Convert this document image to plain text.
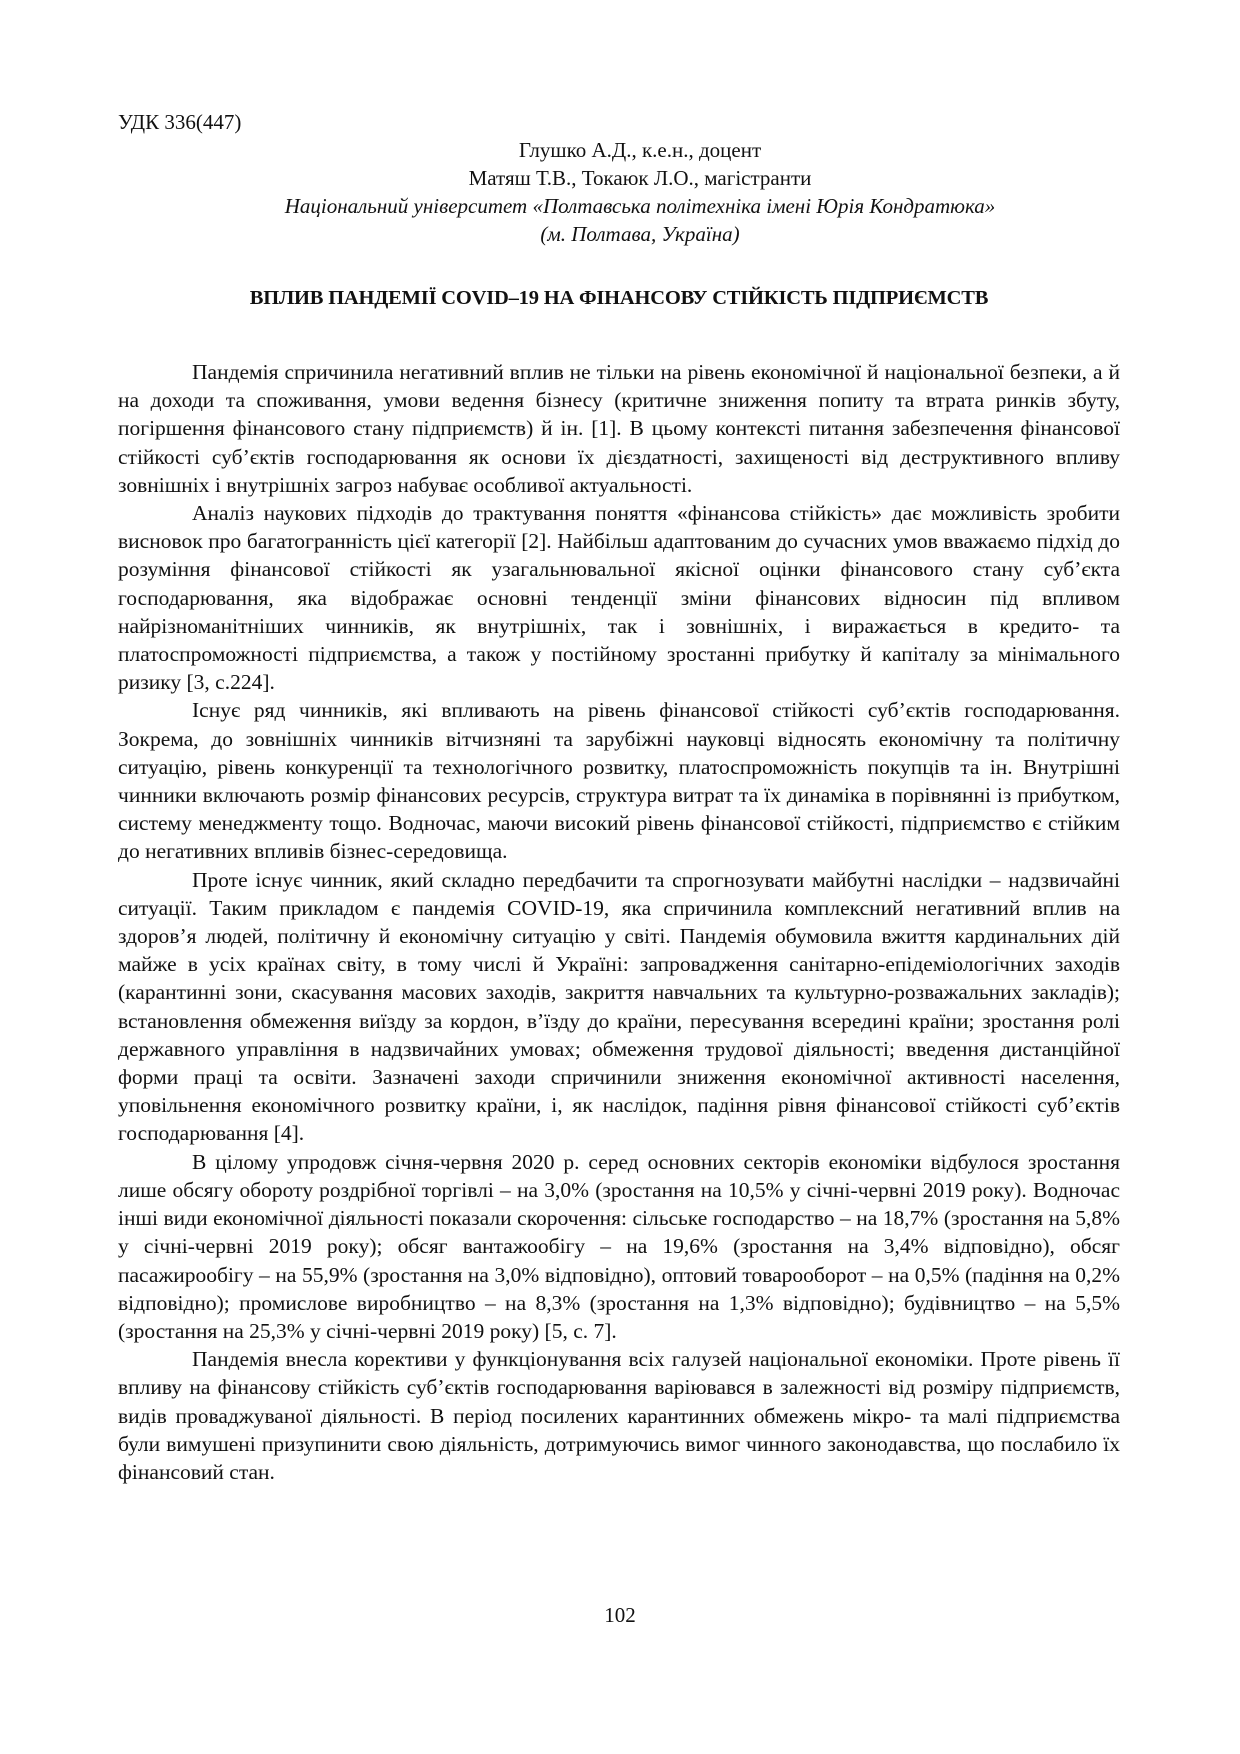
УДК 336(447)
Глушко А.Д., к.е.н., доцент
Матяш Т.В., Токаюк Л.О., магістранти
Національний університет «Полтавська політехніка імені Юрія Кондратюка»
(м. Полтава, Україна)
ВПЛИВ ПАНДЕМІЇ COVID–19 НА ФІНАНСОВУ СТІЙКІСТЬ ПІДПРИЄМСТВ

Пандемія спричинила негативний вплив не тільки на рівень економічної й національної безпеки, а й на доходи та споживання, умови ведення бізнесу (критичне зниження попиту та втрата ринків збуту, погіршення фінансового стану підприємств) й ін. [1]. В цьому контексті питання забезпечення фінансової стійкості суб’єктів господарювання як основи їх дієздатності, захищеності від деструктивного впливу зовнішніх і внутрішніх загроз набуває особливої актуальності.

Аналіз наукових підходів до трактування поняття «фінансова стійкість» дає можливість зробити висновок про багатогранність цієї категорії [2]. Найбільш адаптованим до сучасних умов вважаємо підхід до розуміння фінансової стійкості як узагальнювальної якісної оцінки фінансового стану суб’єкта господарювання, яка відображає основні тенденції зміни фінансових відносин під впливом найрізноманітніших чинників, як внутрішніх, так і зовнішніх, і виражається в кредито- та платоспроможності підприємства, а також у постійному зростанні прибутку й капіталу за мінімального ризику [3, с.224].

Існує ряд чинників, які впливають на рівень фінансової стійкості суб’єктів господарювання. Зокрема, до зовнішніх чинників вітчизняні та зарубіжні науковці відносять економічну та політичну ситуацію, рівень конкуренції та технологічного розвитку, платоспроможність покупців та ін. Внутрішні чинники включають розмір фінансових ресурсів, структура витрат та їх динаміка в порівнянні із прибутком, систему менеджменту тощо. Водночас, маючи високий рівень фінансової стійкості, підприємство є стійким до негативних впливів бізнес-середовища.

Проте існує чинник, який складно передбачити та спрогнозувати майбутні наслідки – надзвичайні ситуації. Таким прикладом є пандемія COVID-19, яка спричинила комплексний негативний вплив на здоров’я людей, політичну й економічну ситуацію у світі. Пандемія обумовила вжиття кардинальних дій майже в усіх країнах світу, в тому числі й Україні: запровадження санітарно-епідеміологічних заходів (карантинні зони, скасування масових заходів, закриття навчальних та культурно-розважальних закладів); встановлення обмеження виїзду за кордон, в’їзду до країни, пересування всередині країни; зростання ролі державного управління в надзвичайних умовах; обмеження трудової діяльності; введення дистанційної форми праці та освіти. Зазначені заходи спричинили зниження економічної активності населення, уповільнення економічного розвитку країни, і, як наслідок, падіння рівня фінансової стійкості суб’єктів господарювання [4].

В цілому упродовж січня-червня 2020 р. серед основних секторів економіки відбулося зростання лише обсягу обороту роздрібної торгівлі – на 3,0% (зростання на 10,5% у січні-червні 2019 року). Водночас інші види економічної діяльності показали скорочення: сільське господарство – на 18,7% (зростання на 5,8% у січні-червні 2019 року); обсяг вантажообігу – на 19,6% (зростання на 3,4% відповідно), обсяг пасажирообігу – на 55,9% (зростання на 3,0% відповідно), оптовий товарооборот – на 0,5% (падіння на 0,2% відповідно); промислове виробництво – на 8,3% (зростання на 1,3% відповідно); будівництво – на 5,5% (зростання на 25,3% у січні-червні 2019 року) [5, с. 7].

Пандемія внесла корективи у функціонування всіх галузей національної економіки. Проте рівень її впливу на фінансову стійкість суб’єктів господарювання варіювався в залежності від розміру підприємств, видів проваджуваної діяльності. В період посилених карантинних обмежень мікро- та малі підприємства були вимушені призупинити свою діяльність, дотримуючись вимог чинного законодавства, що послабило їх фінансовий стан.

102
